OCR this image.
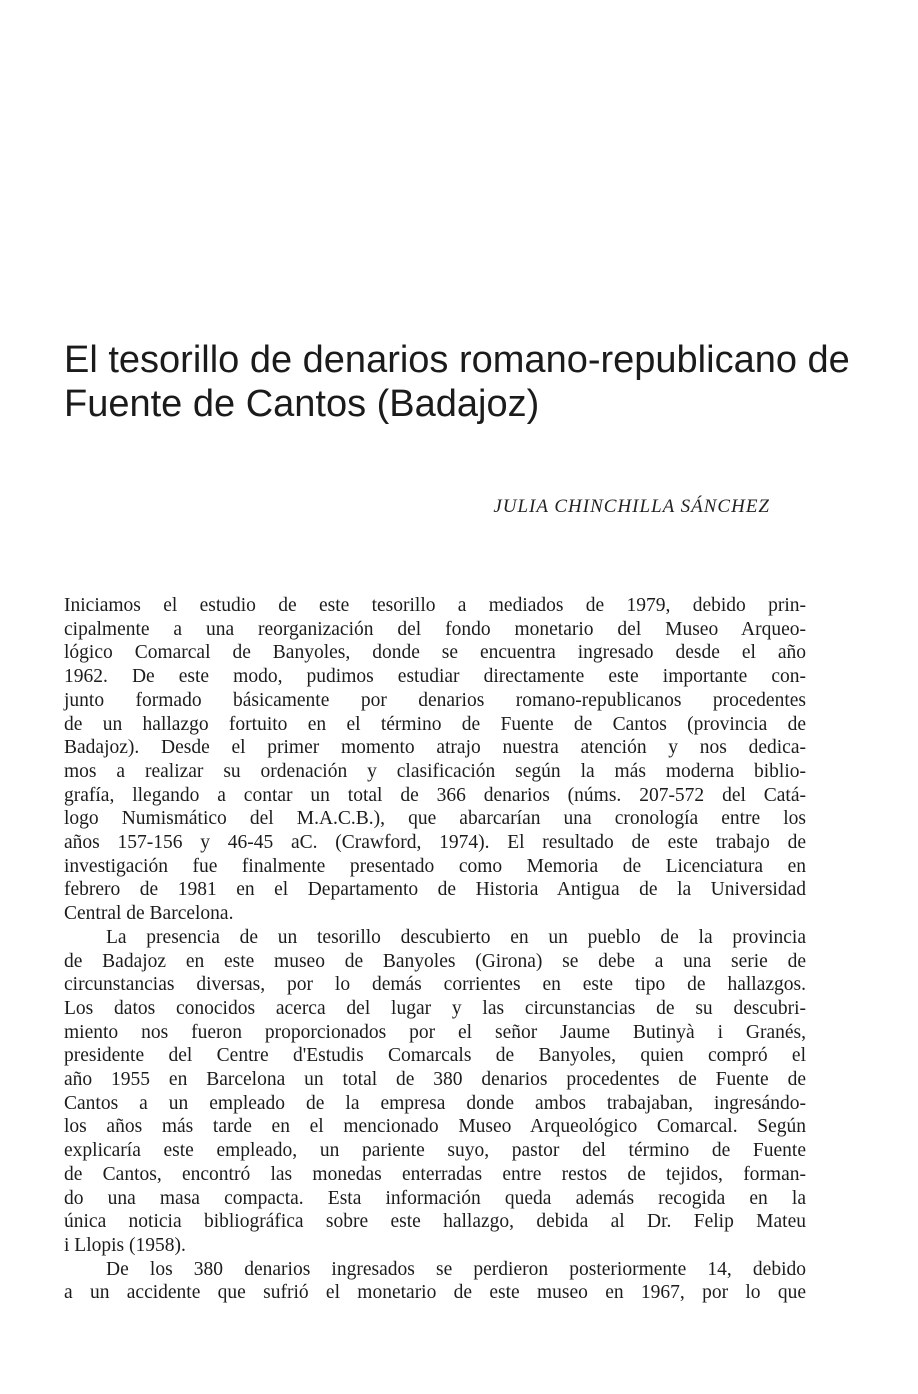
El tesorillo de denarios romano-republicano de
Fuente de Cantos (Badajoz)
JULIA CHINCHILLA SÁNCHEZ
Iniciamos el estudio de este tesorillo a mediados de 1979, debido prin-
cipalmente a una reorganización del fondo monetario del Museo Arqueo-
lógico Comarcal de Banyoles, donde se encuentra ingresado desde el año
1962. De este modo, pudimos estudiar directamente este importante con-
junto formado básicamente por denarios romano-republicanos procedentes
de un hallazgo fortuito en el término de Fuente de Cantos (provincia de
Badajoz). Desde el primer momento atrajo nuestra atención y nos dedica-
mos a realizar su ordenación y clasificación según la más moderna biblio-
grafía, llegando a contar un total de 366 denarios (núms. 207-572 del Catá-
logo Numismático del M.A.C.B.), que abarcarían una cronología entre los
años 157-156 y 46-45 aC. (Crawford, 1974). El resultado de este trabajo de
investigación fue finalmente presentado como Memoria de Licenciatura en
febrero de 1981 en el Departamento de Historia Antigua de la Universidad
Central de Barcelona.
La presencia de un tesorillo descubierto en un pueblo de la provincia
de Badajoz en este museo de Banyoles (Girona) se debe a una serie de
circunstancias diversas, por lo demás corrientes en este tipo de hallazgos.
Los datos conocidos acerca del lugar y las circunstancias de su descubri-
miento nos fueron proporcionados por el señor Jaume Butinyà i Granés,
presidente del Centre d'Estudis Comarcals de Banyoles, quien compró el
año 1955 en Barcelona un total de 380 denarios procedentes de Fuente de
Cantos a un empleado de la empresa donde ambos trabajaban, ingresándo-
los años más tarde en el mencionado Museo Arqueológico Comarcal. Según
explicaría este empleado, un pariente suyo, pastor del término de Fuente
de Cantos, encontró las monedas enterradas entre restos de tejidos, forman-
do una masa compacta. Esta información queda además recogida en la
única noticia bibliográfica sobre este hallazgo, debida al Dr. Felip Mateu
i Llopis (1958).
De los 380 denarios ingresados se perdieron posteriormente 14, debido
a un accidente que sufrió el monetario de este museo en 1967, por lo que
